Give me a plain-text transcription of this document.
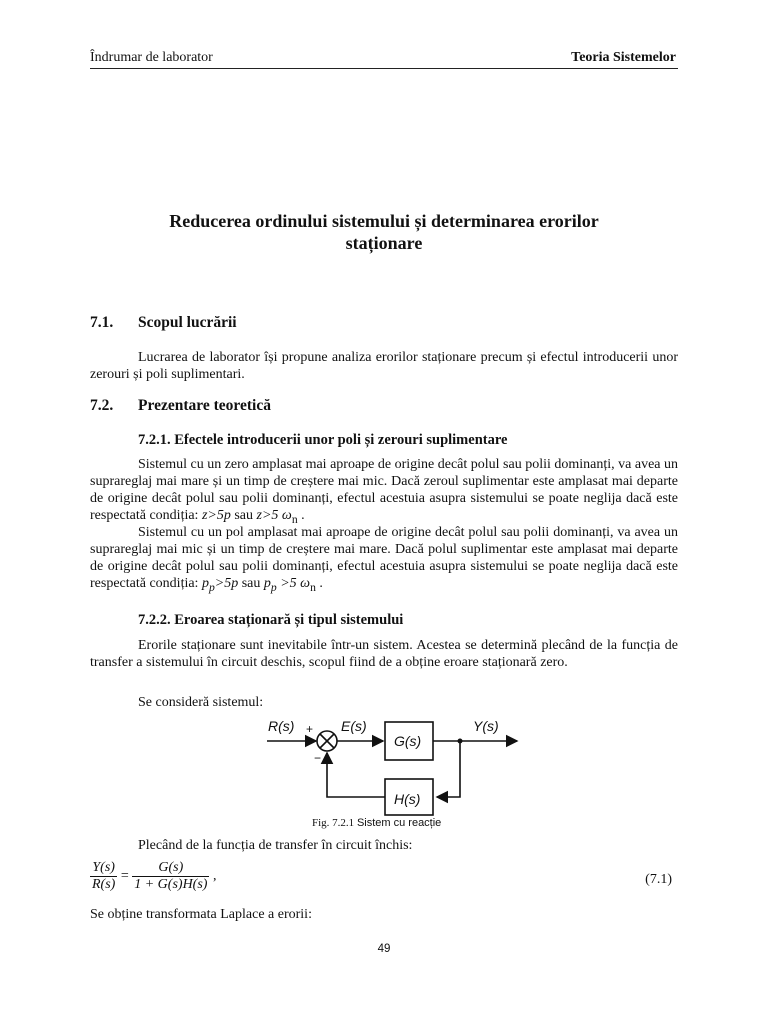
Îndrumar de laborator	Teoria Sistemelor
Reducerea ordinului sistemului și determinarea erorilor
staționare
7.1. Scopul lucrării
Lucrarea de laborator își propune analiza erorilor staționare precum și efectul introducerii unor zerouri și poli suplimentari.
7.2. Prezentare teoretică
7.2.1. Efectele introducerii unor poli și zerouri suplimentare
Sistemul cu un zero amplasat mai aproape de origine decât polul sau polii dominanți, va avea un suprareglaj mai mare și un timp de creștere mai mic. Dacă zeroul suplimentar este amplasat mai departe de origine decât polul sau polii dominanți, efectul acestuia asupra sistemului se poate neglija dacă este respectată condiția: z>5p sau z>5 $\omega_n$ .
Sistemul cu un pol amplasat mai aproape de origine decât polul sau polii dominanți, va avea un suprareglaj mai mic și un timp de creștere mai mare. Dacă polul suplimentar este amplasat mai departe de origine decât polul sau polii dominanți, efectul acestuia asupra sistemului se poate neglija dacă este respectată condiția: $p_p>5p$ sau $p_p >5$ $\omega_n$ .
7.2.2. Eroarea staționară și tipul sistemului
Erorile staționare sunt inevitabile într-un sistem. Acestea se determină plecând de la funcția de transfer a sistemului în circuit deschis, scopul fiind de a obține eroare staționară zero.
Se consideră sistemul:
R(s) + E(s)
G(s)
Y(s)
−
H(s)
Fig. 7.2.1 Sistem cu reacție
Plecând de la funcția de transfer în circuit închis:
$\frac{Y(s)}{R(s)} = \frac{G(s)}{1 + G(s)H(s)}$ ,	(7.1)
Se obține transformata Laplace a erorii:
49
